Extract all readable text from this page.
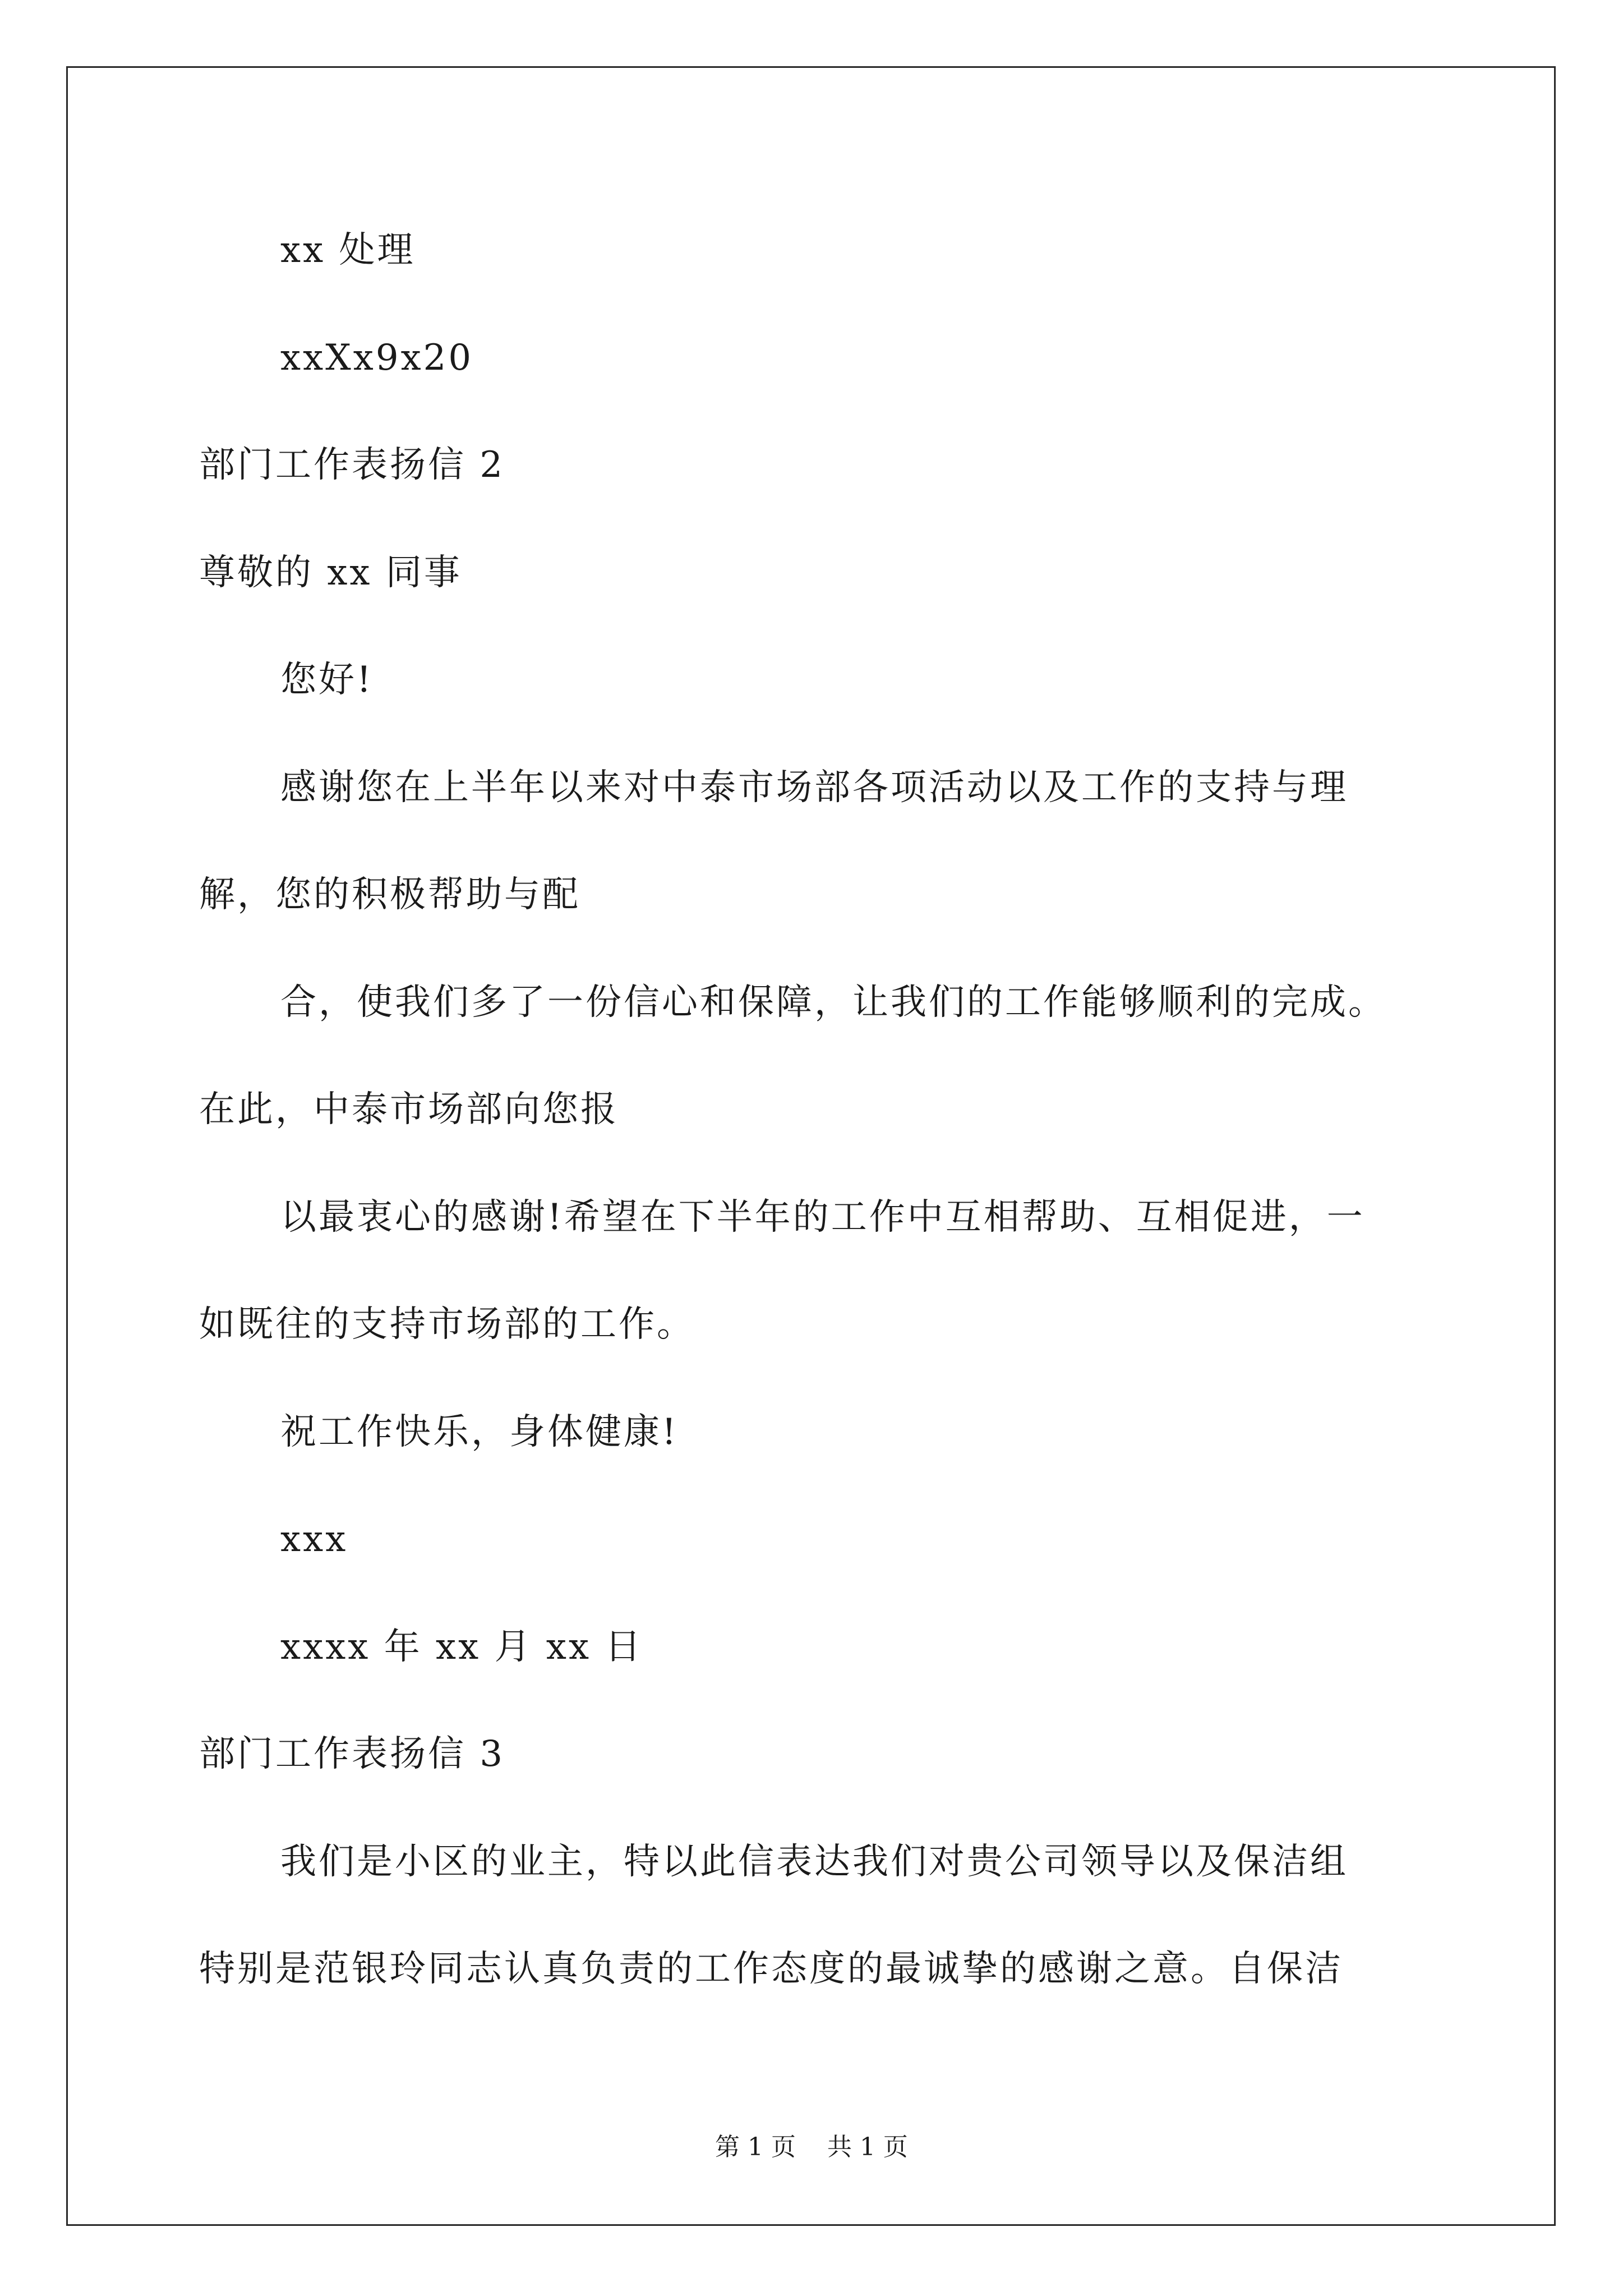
xx 处理
xxXx9x20
部门工作表扬信 2
尊敬的 xx 同事
您好!
感谢您在上半年以来对中泰市场部各项活动以及工作的支持与理
解，您的积极帮助与配
合，使我们多了一份信心和保障，让我们的工作能够顺利的完成。
在此，中泰市场部向您报
以最衷心的感谢!希望在下半年的工作中互相帮助、互相促进，一
如既往的支持市场部的工作。
祝工作快乐，身体健康!
xxx
xxxx 年 xx 月 xx 日
部门工作表扬信 3
我们是小区的业主，特以此信表达我们对贵公司领导以及保洁组
特别是范银玲同志认真负责的工作态度的最诚挚的感谢之意。自保洁
第 1 页    共 1 页
